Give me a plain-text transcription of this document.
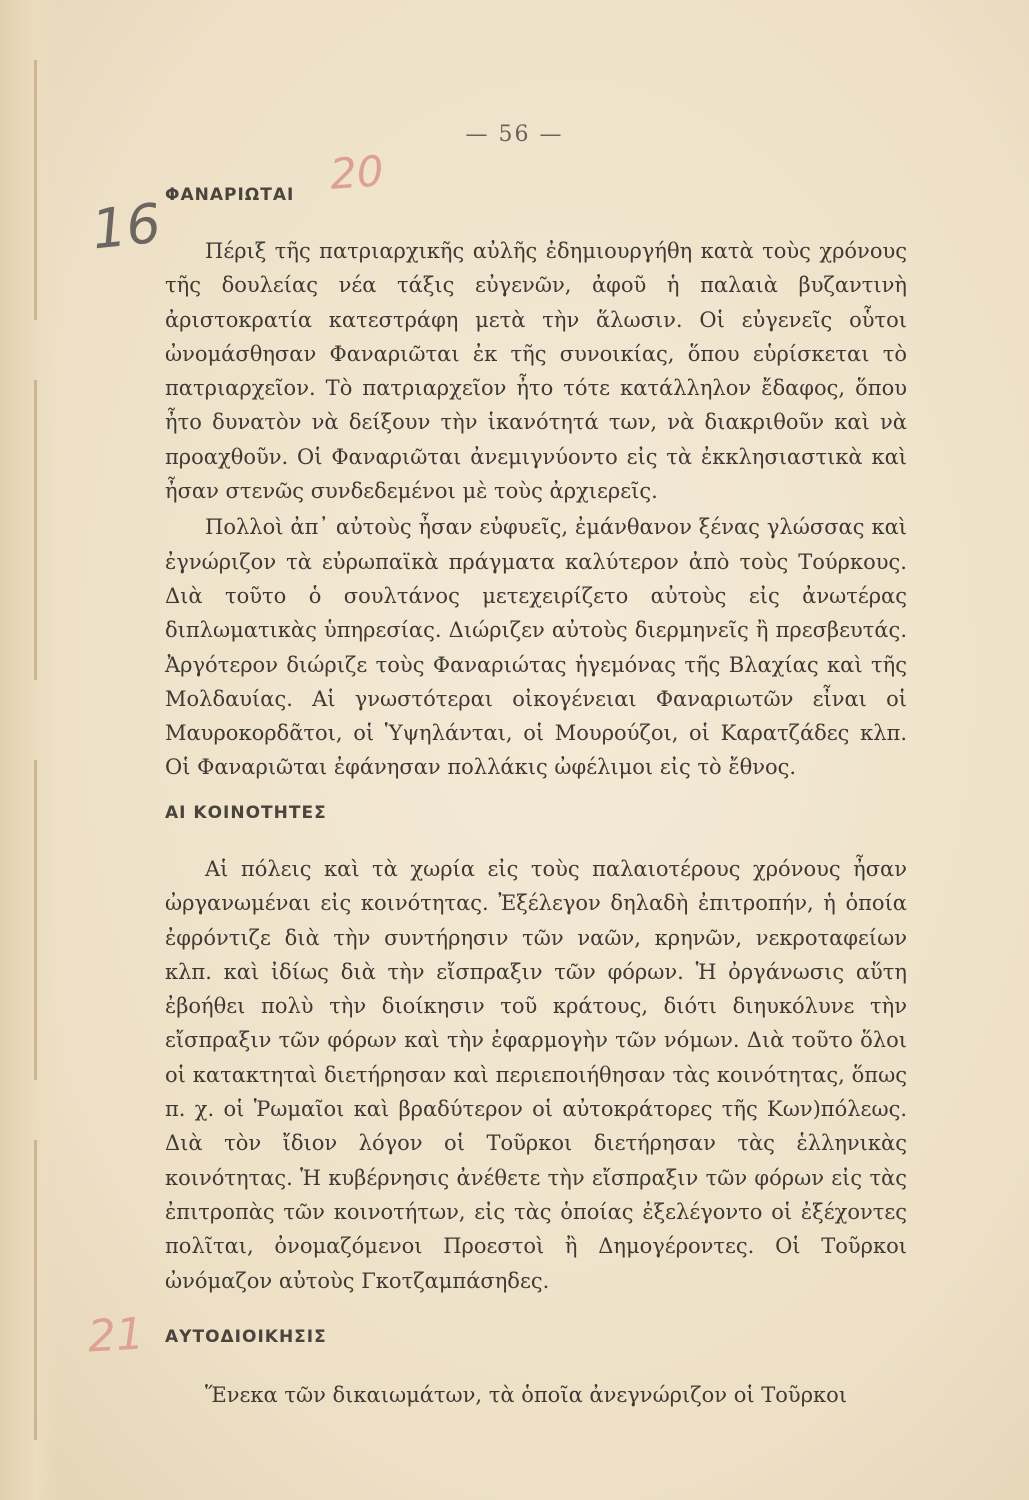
— 56 —
16
20
21
ΦΑΝΑΡΙΩΤΑΙ

Πέριξ τῆς πατριαρχικῆς αὐλῆς ἐδημιουργήθη κατὰ τοὺς χρόνους τῆς δουλείας νέα τάξις εὐγενῶν, ἀφοῦ ἡ παλαιὰ βυζαντινὴ ἀριστοκρατία κατεστράφη μετὰ τὴν ἅλωσιν. Οἱ εὐγενεῖς οὗτοι ὠνομάσθησαν Φαναριῶται ἐκ τῆς συνοικίας, ὅπου εὑρίσκεται τὸ πατριαρχεῖον. Τὸ πατριαρχεῖον ἦτο τότε κατάλληλον ἔδαφος, ὅπου ἦτο δυνατὸν νὰ δείξουν τὴν ἱκανότητά των, νὰ διακριθοῦν καὶ νὰ προαχθοῦν. Οἱ Φαναριῶται ἀνεμιγνύοντο εἰς τὰ ἐκκλησιαστικὰ καὶ ἦσαν στενῶς συνδεδεμένοι μὲ τοὺς ἀρχιερεῖς.

Πολλοὶ ἀπ᾽ αὐτοὺς ἦσαν εὐφυεῖς, ἐμάνθανον ξένας γλώσσας καὶ ἐγνώριζον τὰ εὐρωπαϊκὰ πράγματα καλύτερον ἀπὸ τοὺς Τούρκους. Διὰ τοῦτο ὁ σουλτάνος μετεχειρίζετο αὐτοὺς εἰς ἀνωτέρας διπλωματικὰς ὑπηρεσίας. Διώριζεν αὐτοὺς διερμηνεῖς ἢ πρεσβευτάς. Ἀργότερον διώριζε τοὺς Φαναριώτας ἡγεμόνας τῆς Βλαχίας καὶ τῆς Μολδαυίας. Αἱ γνωστότεραι οἰκογένειαι Φαναριωτῶν εἶναι οἱ Μαυροκορδᾶτοι, οἱ Ὑψηλάνται, οἱ Μουρούζοι, οἱ Καρατζάδες κλπ. Οἱ Φαναριῶται ἐφάνησαν πολλάκις ὠφέλιμοι εἰς τὸ ἔθνος.

ΑΙ ΚΟΙΝΟΤΗΤΕΣ

Αἱ πόλεις καὶ τὰ χωρία εἰς τοὺς παλαιοτέρους χρόνους ἦσαν ὠργανωμέναι εἰς κοινότητας. Ἐξέλεγον δηλαδὴ ἐπιτροπήν, ἡ ὁποία ἐφρόντιζε διὰ τὴν συντήρησιν τῶν ναῶν, κρηνῶν, νεκροταφείων κλπ. καὶ ἰδίως διὰ τὴν εἴσπραξιν τῶν φόρων. Ἡ ὀργάνωσις αὕτη ἐβοήθει πολὺ τὴν διοίκησιν τοῦ κράτους, διότι διηυκόλυνε τὴν εἴσπραξιν τῶν φόρων καὶ τὴν ἐφαρμογὴν τῶν νόμων. Διὰ τοῦτο ὅλοι οἱ κατακτηταὶ διετήρησαν καὶ περιεποιήθησαν τὰς κοινότητας, ὅπως π. χ. οἱ Ῥωμαῖοι καὶ βραδύτερον οἱ αὐτοκράτορες τῆς Κων)πόλεως. Διὰ τὸν ἴδιον λόγον οἱ Τοῦρκοι διετήρησαν τὰς ἑλληνικὰς κοινότητας. Ἡ κυβέρνησις ἀνέθετε τὴν εἴσπραξιν τῶν φόρων εἰς τὰς ἐπιτροπὰς τῶν κοινοτήτων, εἰς τὰς ὁποίας ἐξελέγοντο οἱ ἐξέχοντες πολῖται, ὀνομαζόμενοι Προεστοὶ ἢ Δημογέροντες. Οἱ Τοῦρκοι ὠνόμαζον αὐτοὺς Γκοτζαμπάσηδες.

ΑΥΤΟΔΙΟΙΚΗΣΙΣ

Ἕνεκα τῶν δικαιωμάτων, τὰ ὁποῖα ἀνεγνώριζον οἱ Τοῦρκοι
